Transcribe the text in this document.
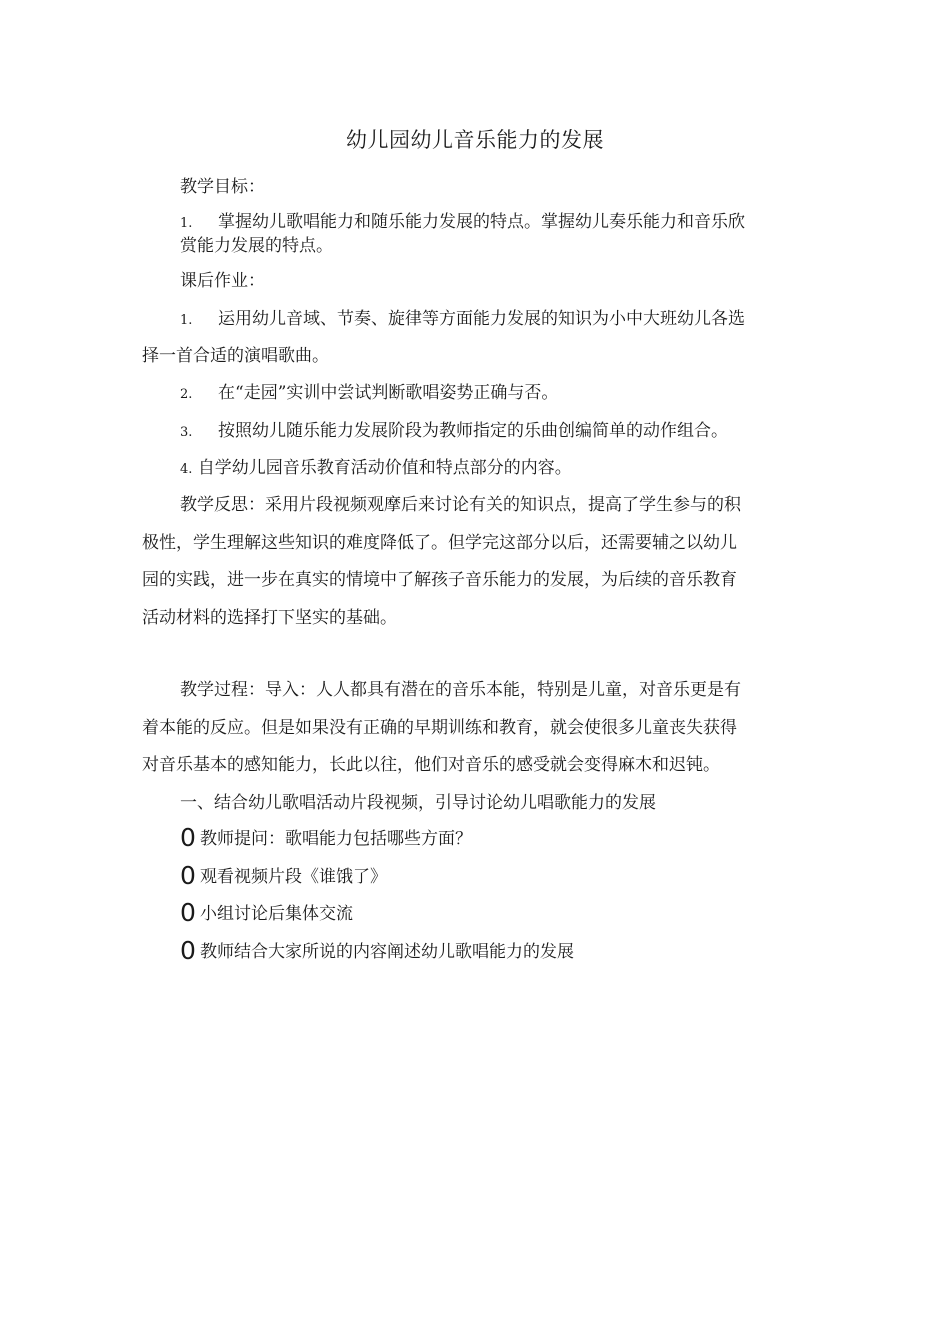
幼儿园幼儿音乐能力的发展
教学目标：
1. 掌握幼儿歌唱能力和随乐能力发展的特点。掌握幼儿奏乐能力和音乐欣
赏能力发展的特点。
课后作业：
1. 运用幼儿音域、节奏、旋律等方面能力发展的知识为小中大班幼儿各选
择一首合适的演唱歌曲。
2. 在“走园”实训中尝试判断歌唱姿势正确与否。
3. 按照幼儿随乐能力发展阶段为教师指定的乐曲创编简单的动作组合。
4. 自学幼儿园音乐教育活动价值和特点部分的内容。
教学反思：采用片段视频观摩后来讨论有关的知识点，提高了学生参与的积
极性，学生理解这些知识的难度降低了。但学完这部分以后，还需要辅之以幼儿
园的实践，进一步在真实的情境中了解孩子音乐能力的发展，为后续的音乐教育
活动材料的选择打下坚实的基础。
教学过程：导入：人人都具有潜在的音乐本能，特别是儿童，对音乐更是有
着本能的反应。但是如果没有正确的早期训练和教育，就会使很多儿童丧失获得
对音乐基本的感知能力，长此以往，他们对音乐的感受就会变得麻木和迟钝。
一、结合幼儿歌唱活动片段视频，引导讨论幼儿唱歌能力的发展
0 教师提问：歌唱能力包括哪些方面？
0 观看视频片段《谁饿了》
0 小组讨论后集体交流
0 教师结合大家所说的内容阐述幼儿歌唱能力的发展
